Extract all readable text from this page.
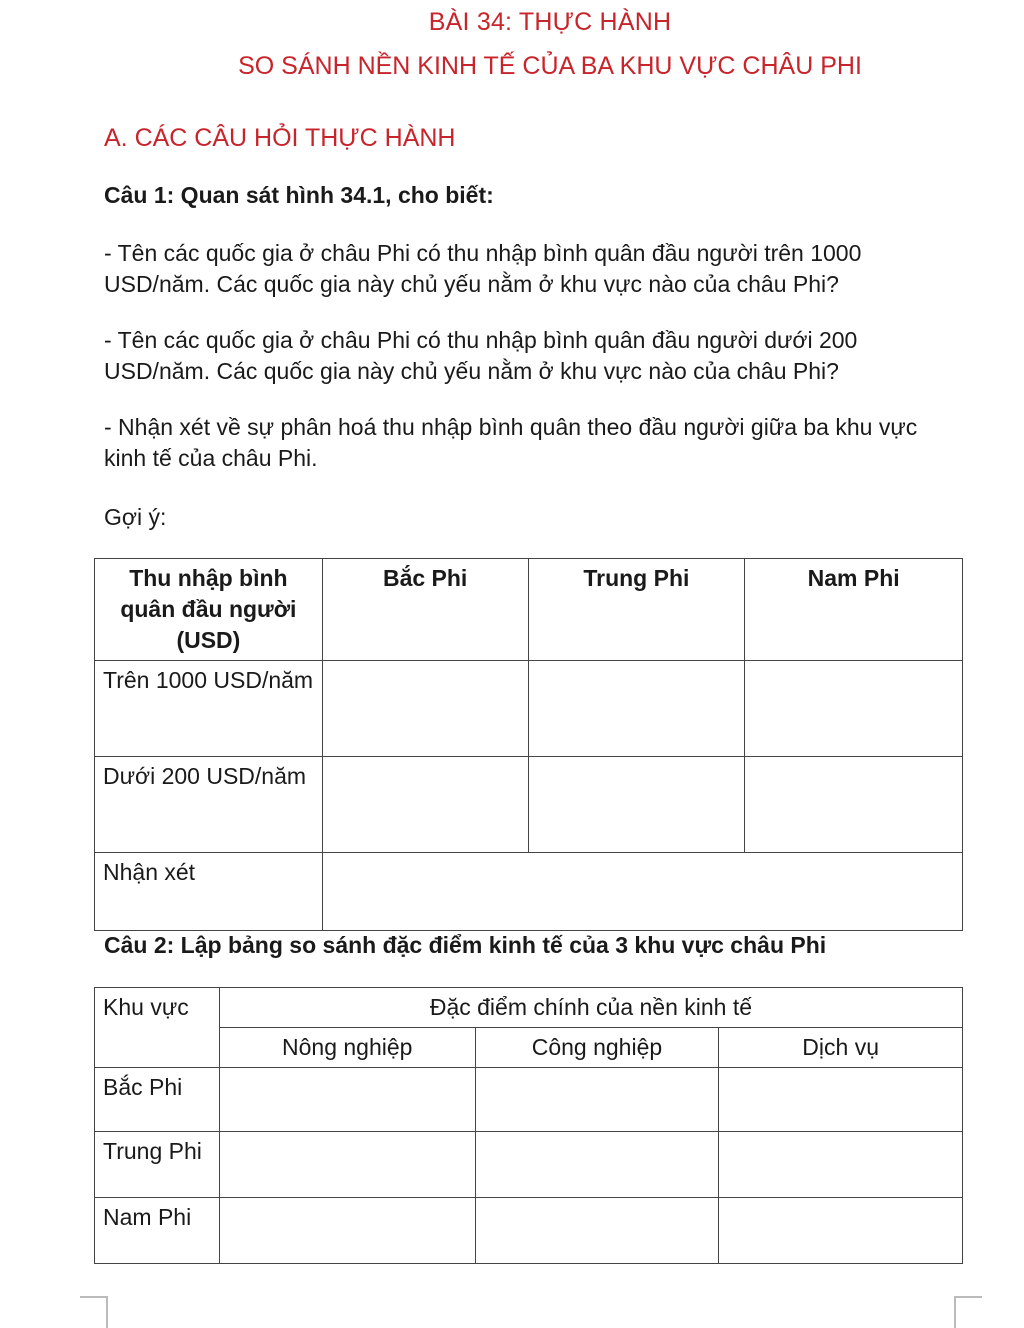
BÀI 34: THỰC HÀNH
SO SÁNH NỀN KINH TẾ CỦA BA KHU VỰC CHÂU PHI
A. CÁC CÂU HỎI THỰC HÀNH
Câu 1: Quan sát hình 34.1, cho biết:
- Tên các quốc gia ở châu Phi có thu nhập bình quân đầu người trên 1000 USD/năm. Các quốc gia này chủ yếu nằm ở khu vực nào của châu Phi?
- Tên các quốc gia ở châu Phi có thu nhập bình quân đầu người dưới 200 USD/năm. Các quốc gia này chủ yếu nằm ở khu vực nào của châu Phi?
- Nhận xét về sự phân hoá thu nhập bình quân theo đầu người giữa ba khu vực kinh tế của châu Phi.
Gợi ý:
Thu nhập bình quân đầu người (USD)	Bắc Phi	Trung Phi	Nam Phi
Trên 1000 USD/năm			
Dưới 200 USD/năm			
Nhận xét			
Câu 2: Lập bảng so sánh đặc điểm kinh tế của 3 khu vực châu Phi
Khu vực	Đặc điểm chính của nền kinh tế		
	Nông nghiệp	Công nghiệp	Dịch vụ
Bắc Phi			
Trung Phi			
Nam Phi			
